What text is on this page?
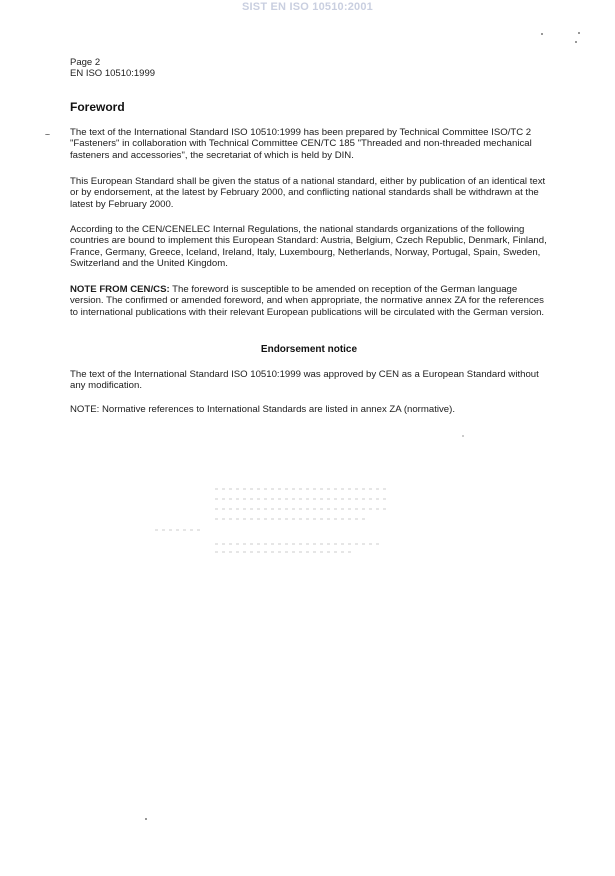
SIST EN ISO 10510:2001
Page 2
EN ISO 10510:1999
Foreword

The text of the International Standard ISO 10510:1999 has been prepared by Technical Committee ISO/TC 2 "Fasteners" in collaboration with Technical Committee CEN/TC 185 "Threaded and non-threaded mechanical fasteners and accessories", the secretariat of which is held by DIN.

This European Standard shall be given the status of a national standard, either by publication of an identical text or by endorsement, at the latest by February 2000, and conflicting national standards shall be withdrawn at the latest by February 2000.

According to the CEN/CENELEC Internal Regulations, the national standards organizations of the following countries are bound to implement this European Standard: Austria, Belgium, Czech Republic, Denmark, Finland, France, Germany, Greece, Iceland, Ireland, Italy, Luxembourg, Netherlands, Norway, Portugal, Spain, Sweden, Switzerland and the United Kingdom.

NOTE FROM CEN/CS: The foreword is susceptible to be amended on reception of the German language version. The confirmed or amended foreword, and when appropriate, the normative annex ZA for the references to international publications with their relevant European publications will be circulated with the German version.

Endorsement notice

The text of the International Standard ISO 10510:1999 was approved by CEN as a European Standard without any modification.

NOTE: Normative references to International Standards are listed in annex ZA (normative).
